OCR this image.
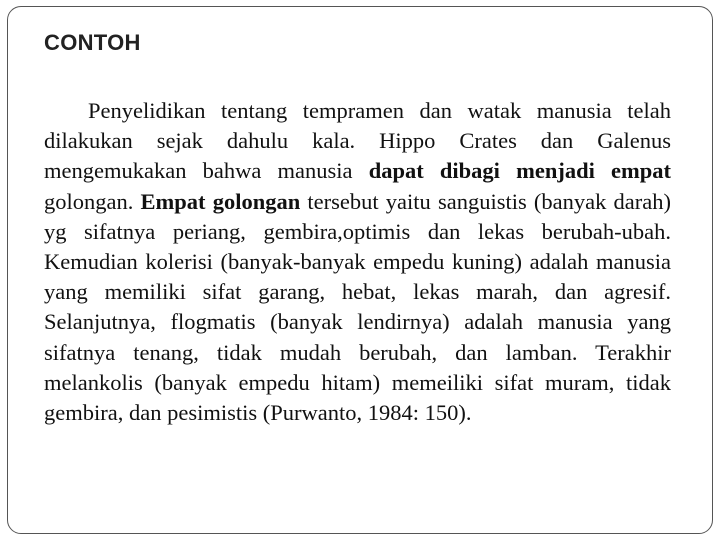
CONTOH

Penyelidikan tentang tempramen dan watak manusia telah dilakukan sejak dahulu kala. Hippo Crates dan Galenus mengemukakan bahwa manusia dapat dibagi menjadi empat golongan. Empat golongan tersebut yaitu sanguistis (banyak darah) yg sifatnya periang, gembira,optimis dan lekas berubah-ubah. Kemudian kolerisi (banyak-banyak empedu kuning) adalah manusia yang memiliki sifat garang, hebat, lekas marah, dan agresif. Selanjutnya, flogmatis (banyak lendirnya) adalah manusia yang sifatnya tenang, tidak mudah berubah, dan lamban. Terakhir melankolis (banyak empedu hitam) memeiliki sifat muram, tidak gembira, dan pesimistis (Purwanto, 1984: 150).
